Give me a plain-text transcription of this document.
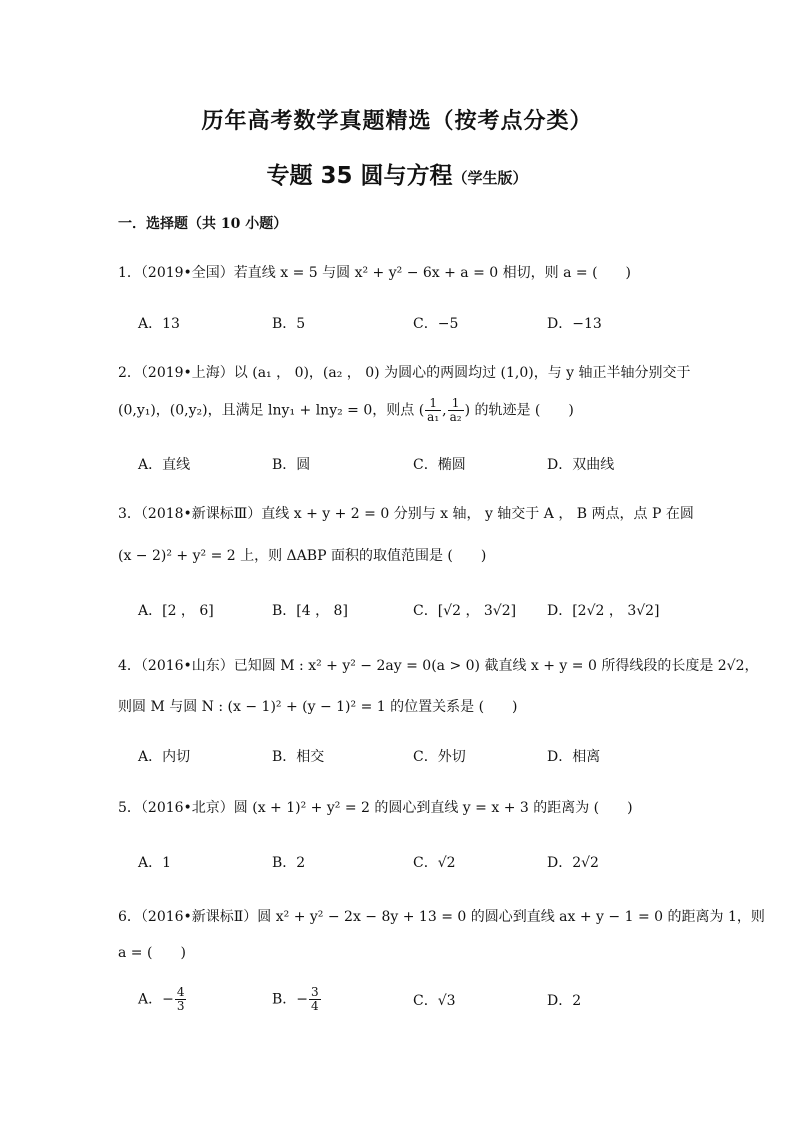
历年高考数学真题精选（按考点分类）
专题 35 圆与方程（学生版）
一．选择题（共 10 小题）
1．（2019•全国）若直线 x = 5 与圆 x² + y² − 6x + a = 0 相切，则 a = (　　)
A．13	B．5	C．−5	D．−13
2．（2019•上海）以 (a₁ ， 0)，(a₂ ， 0) 为圆心的两圆均过 (1,0)，与 y 轴正半轴分别交于
(0,y₁)，(0,y₂)，且满足 lny₁ + lny₂ = 0，则点 ( $\frac{1}{\text{a₁}}$ , $\frac{1}{\text{a₂}}$ ) 的轨迹是 (　　)
A．直线	B．圆	C．椭圆	D．双曲线
3．（2018•新课标Ⅲ）直线 x + y + 2 = 0 分别与 x 轴， y 轴交于 A ， B 两点，点 P 在圆
(x − 2)² + y² = 2 上，则 ΔABP 面积的取值范围是 (　　)
A．[2 ， 6]	B．[4 ， 8]	C．[√2 ， 3√2] D．[2√2 ， 3√2]
4．（2016•山东）已知圆 M : x² + y² − 2ay = 0(a > 0) 截直线 x + y = 0 所得线段的长度是 2√2，
则圆 M 与圆 N : (x − 1)² + (y − 1)² = 1 的位置关系是 (　　)
A．内切	B．相交	C．外切	D．相离
5．（2016•北京）圆 (x + 1)² + y² = 2 的圆心到直线 y = x + 3 的距离为 (　　)
A．1	B．2	C．√2	D．2√2
6．（2016•新课标Ⅱ）圆 x² + y² − 2x − 8y + 13 = 0 的圆心到直线 ax + y − 1 = 0 的距离为 1，则
a = (　　)
A．− $\frac{4}{3}$	B．− $\frac{3}{4}$	C．√3	D．2
